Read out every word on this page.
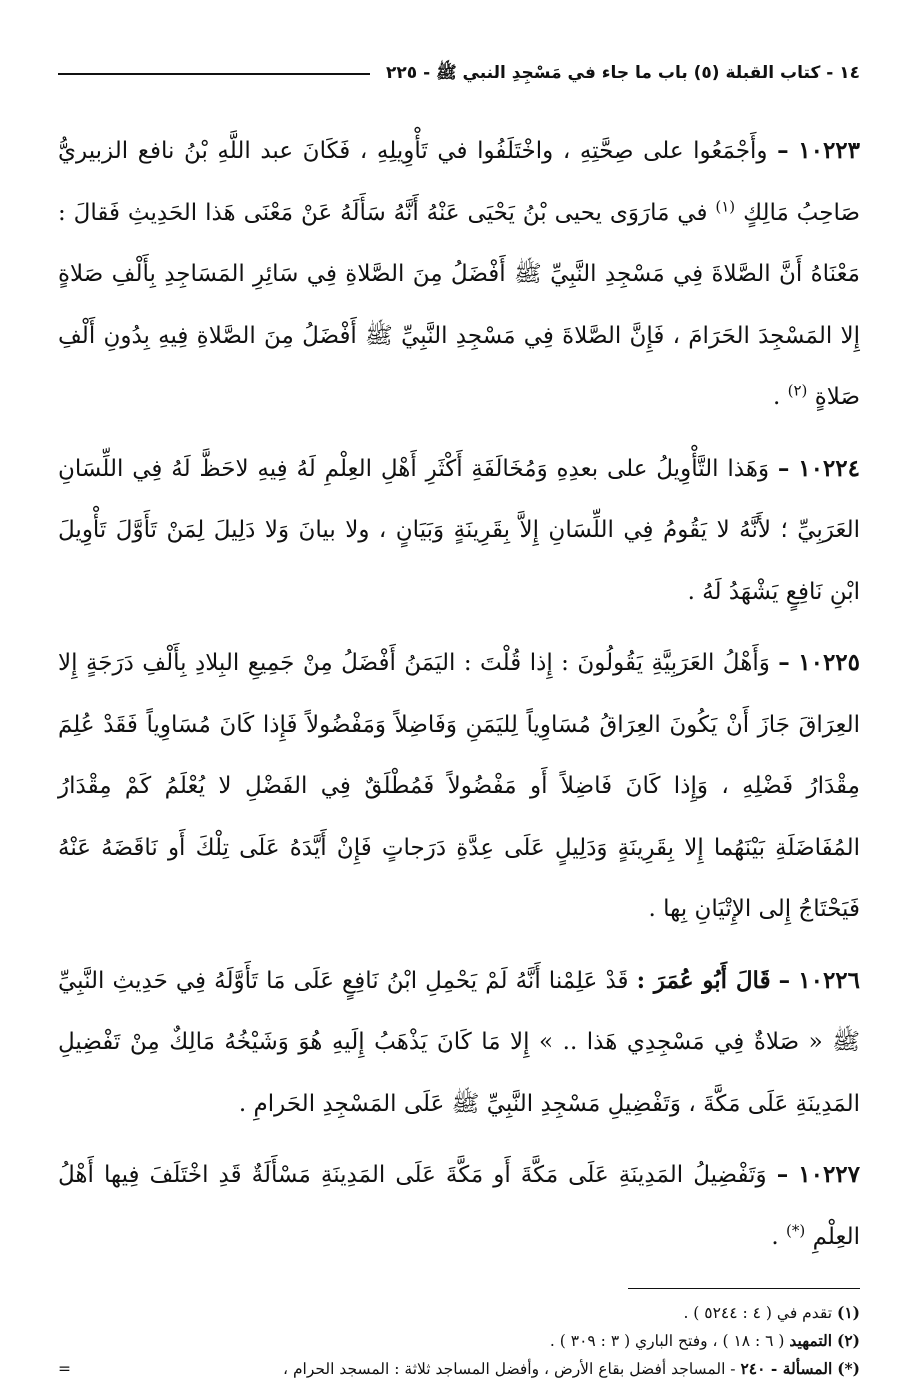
١٤ - كتاب القبلة (٥) باب ما جاء في مَسْجِدِ النبي ﷺ - ٢٢٥

١٠٢٢٣ – وأَجْمَعُوا على صِحَّتِهِ ، واخْتَلَفُوا في تَأْوِيلِهِ ، فَكَانَ عبد اللَّهِ بْنُ نافع الزبيريُّ صَاحِبُ مَالِكٍ $^{(١)}$ في مَارَوَى يحيى بْنُ يَحْيَى عَنْهُ أَنَّهُ سَأَلَهُ عَنْ مَعْنَى هَذا الحَدِيثِ فَقالَ : مَعْنَاهُ أَنَّ الصَّلاةَ فِي مَسْجِدِ النَّبِيِّ ﷺ أَفْضَلُ مِنَ الصَّلاةِ فِي سَائِرِ المَسَاجِدِ بِأَلْفِ صَلاةٍ إِلا المَسْجِدَ الحَرَامَ ، فَإِنَّ الصَّلاةَ فِي مَسْجِدِ النَّبِيِّ ﷺ أَفْضَلُ مِنَ الصَّلاةِ فِيهِ بِدُونِ أَلْفِ صَلاةٍ $^{(٢)}$ .

١٠٢٢٤ – وَهَذا التَّأْوِيلُ على بعدِهِ وَمُخَالَفَةِ أَكْثَرِ أَهْلِ العِلْمِ لَهُ فِيهِ لاحَظَّ لَهُ فِي اللِّسَانِ العَرَبِيِّ ؛ لأَنَّهُ لا يَقُومُ فِي اللِّسَانِ إِلاَّ بِقَرِينَةٍ وَبَيَانٍ ، ولا بيانَ وَلا دَلِيلَ لِمَنْ تَأَوَّلَ تَأْوِيلَ ابْنِ نَافِعٍ يَشْهَدُ لَهُ .

١٠٢٢٥ – وَأَهْلُ العَرَبِيَّةِ يَقُولُونَ : إِذا قُلْتَ : اليَمَنُ أَفْضَلُ مِنْ جَمِيعِ البِلادِ بِأَلْفِ دَرَجَةٍ إِلا العِرَاقَ جَازَ أَنْ يَكُونَ العِرَاقُ مُسَاوِياً لِليَمَنِ وَفَاضِلاً وَمَفْضُولاً فَإِذا كَانَ مُسَاوِياً فَقَدْ عُلِمَ مِقْدَارُ فَضْلِهِ ، وَإِذا كَانَ فَاضِلاً أَو مَفْضُولاً فَمُطْلَقٌ فِي الفَضْلِ لا يُعْلَمُ كَمْ مِقْدَارُ المُفَاضَلَةِ بَيْنَهُما إِلا بِقَرِينَةٍ وَدَلِيلٍ عَلَى عِدَّةِ دَرَجاتٍ فَإِنْ أَيَّدَهُ عَلَى تِلْكَ أَو نَاقَضَهُ عَنْهُ فَيَحْتَاجُ إِلى الإِتْيَانِ بِها .

١٠٢٢٦ – قَالَ أَبُو عُمَرَ : قَدْ عَلِمْنا أَنَّهُ لَمْ يَحْمِلِ ابْنُ نَافِعٍ عَلَى مَا تَأَوَّلَهُ فِي حَدِيثِ النَّبِيِّ ﷺ « صَلاةٌ فِي مَسْجِدِي هَذا .. » إِلا مَا كَانَ يَذْهَبُ إِلَيهِ هُوَ وَشَيْخُهُ مَالِكٌ مِنْ تَفْضِيلِ المَدِينَةِ عَلَى مَكَّةَ ، وَتَفْضِيلِ مَسْجِدِ النَّبِيِّ ﷺ عَلَى المَسْجِدِ الحَرامِ .

١٠٢٢٧ – وَتَفْضِيلُ المَدِينَةِ عَلَى مَكَّةَ أَو مَكَّةَ عَلَى المَدِينَةِ مَسْأَلَةٌ قَدِ اخْتَلَفَ فِيها أَهْلُ العِلْمِ (*) .

(١) تقدم في ( ٤ : ٥٢٤٤ ) .
(٢) التمهيد ( ٦ : ١٨ ) ، وفتح الباري ( ٣ : ٣٠٩ ) .
(*) المسألة - ٢٤٠ - المساجد أفضل بقاع الأرض ، وأفضل المساجد ثلاثة : المسجد الحرام ،
=
